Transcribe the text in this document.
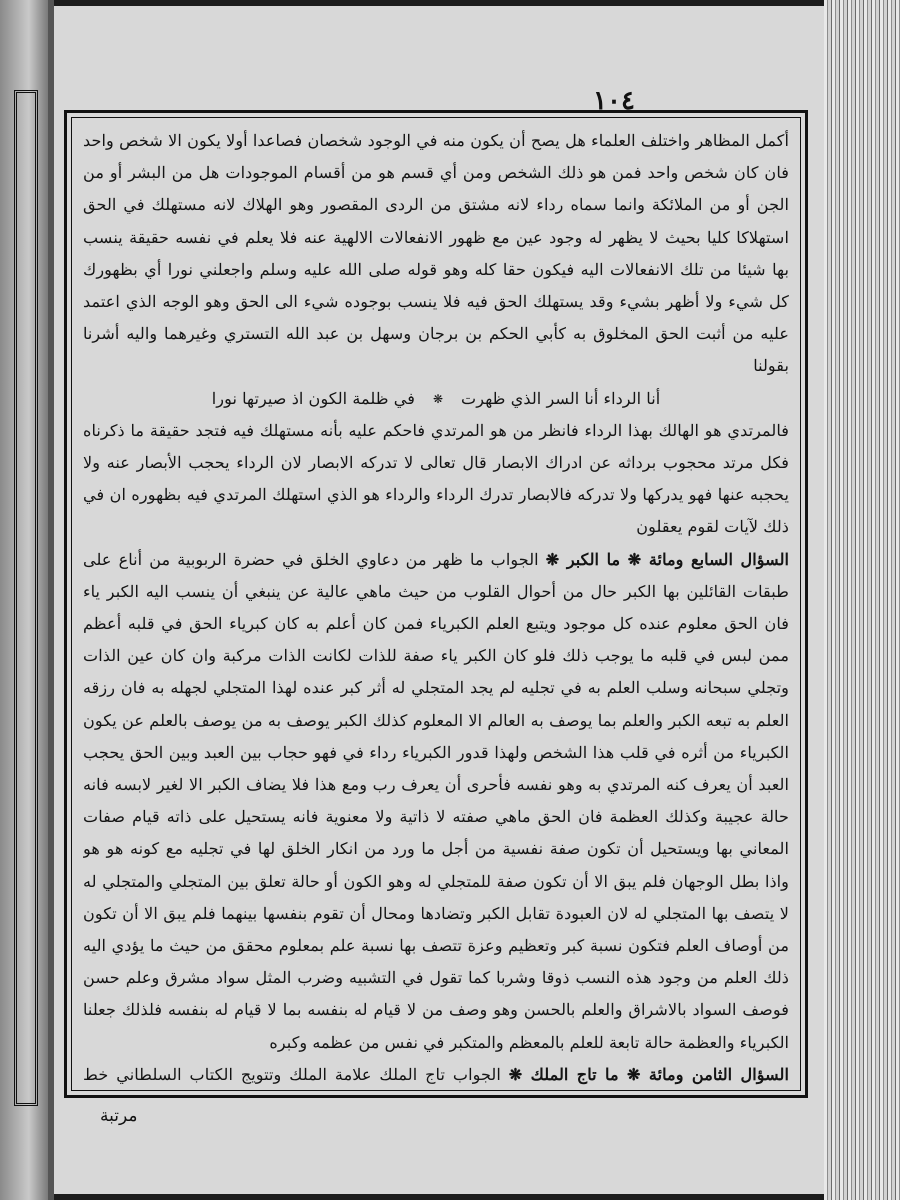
١٠٤

أكمل المظاهر واختلف العلماء هل يصح أن يكون منه في الوجود شخصان فصاعدا أولا يكون الا شخص واحد فان كان شخص واحد فمن هو ذلك الشخص ومن أي قسم هو من أقسام الموجودات هل من البشر أو من الجن أو من الملائكة وانما سماه رداء لانه مشتق من الردى المقصور وهو الهلاك لانه مستهلك في الحق استهلاكا كليا بحيث لا يظهر له وجود عين مع ظهور الانفعالات الالهية عنه فلا يعلم في نفسه حقيقة ينسب بها شيئا من تلك الانفعالات اليه فيكون حقا كله وهو قوله صلى الله عليه وسلم واجعلني نورا أي بظهورك كل شيء ولا أظهر بشيء وقد يستهلك الحق فيه فلا ينسب بوجوده شيء الى الحق وهو الوجه الذي اعتمد عليه من أثبت الحق المخلوق به كأبي الحكم بن برجان وسهل بن عبد الله التستري وغيرهما واليه أشرنا بقولنا

أنا الرداء أنا السر الذي ظهرت
❋
في ظلمة الكون اذ صيرتها نورا

فالمرتدي هو الهالك بهذا الرداء فانظر من هو المرتدي فاحكم عليه بأنه مستهلك فيه فتجد حقيقة ما ذكرناه فكل مرتد محجوب برداثه عن ادراك الابصار قال تعالى لا تدركه الابصار لان الرداء يحجب الأبصار عنه ولا يحجبه عنها فهو يدركها ولا تدركه فالابصار تدرك الرداء والرداء هو الذي استهلك المرتدي فيه بظهوره ان في ذلك لآيات لقوم يعقلون

السؤال السابع ومائة ❋ ما الكبر ❋ الجواب ما ظهر من دعاوي الخلق في حضرة الربوبية من أناع على طبقات القائلين بها الكبر حال من أحوال القلوب من حيث ماهي عالية عن ينبغي أن ينسب اليه الكبر ياء فان الحق معلوم عنده كل موجود ويتبع العلم الكبرياء فمن كان أعلم به كان كبرياء الحق في قلبه أعظم ممن لبس في قلبه ما يوجب ذلك فلو كان الكبر ياء صفة للذات لكانت الذات مركبة وان كان عين الذات وتجلي سبحانه وسلب العلم به في تجليه لم يجد المتجلي له أثر كبر عنده لهذا المتجلي لجهله به فان رزقه العلم به تبعه الكبر والعلم بما يوصف به العالم الا المعلوم كذلك الكبر يوصف به من يوصف بالعلم عن يكون الكبرياء من أثره في قلب هذا الشخص ولهذا قدور الكبرياء رداء في فهو حجاب بين العبد وبين الحق يحجب العبد أن يعرف كنه المرتدي به وهو نفسه فأحرى أن يعرف رب ومع هذا فلا يضاف الكبر الا لغير لابسه فانه حالة عجيبة وكذلك العظمة فان الحق ماهي صفته لا ذاتية ولا معنوية فانه يستحيل على ذاته قيام صفات المعاني بها ويستحيل أن تكون صفة نفسية من أجل ما ورد من انكار الخلق لها في تجليه مع كونه هو هو واذا بطل الوجهان فلم يبق الا أن تكون صفة للمتجلي له وهو الكون أو حالة تعلق بين المتجلي والمتجلي له لا يتصف بها المتجلي له لان العبودة تقابل الكبر وتضادها ومحال أن تقوم بنفسها بينهما فلم يبق الا أن تكون من أوصاف العلم فتكون نسبة كبر وتعظيم وعزة تتصف بها نسبة علم بمعلوم محقق من حيث ما يؤدي اليه ذلك العلم من وجود هذه النسب ذوقا وشربا كما تقول في التشبيه وضرب المثل سواد مشرق وعلم حسن فوصف السواد بالاشراق والعلم بالحسن وهو وصف من لا قيام له بنفسه بما لا قيام له بنفسه فلذلك جعلنا الكبرياء والعظمة حالة تابعة للعلم بالمعظم والمتكبر في نفس من عظمه وكبره

السؤال الثامن ومائة ❋ ما تاج الملك ❋ الجواب تاج الملك علامة الملك وتتويج الكتاب السلطاني خط

مرتبة
